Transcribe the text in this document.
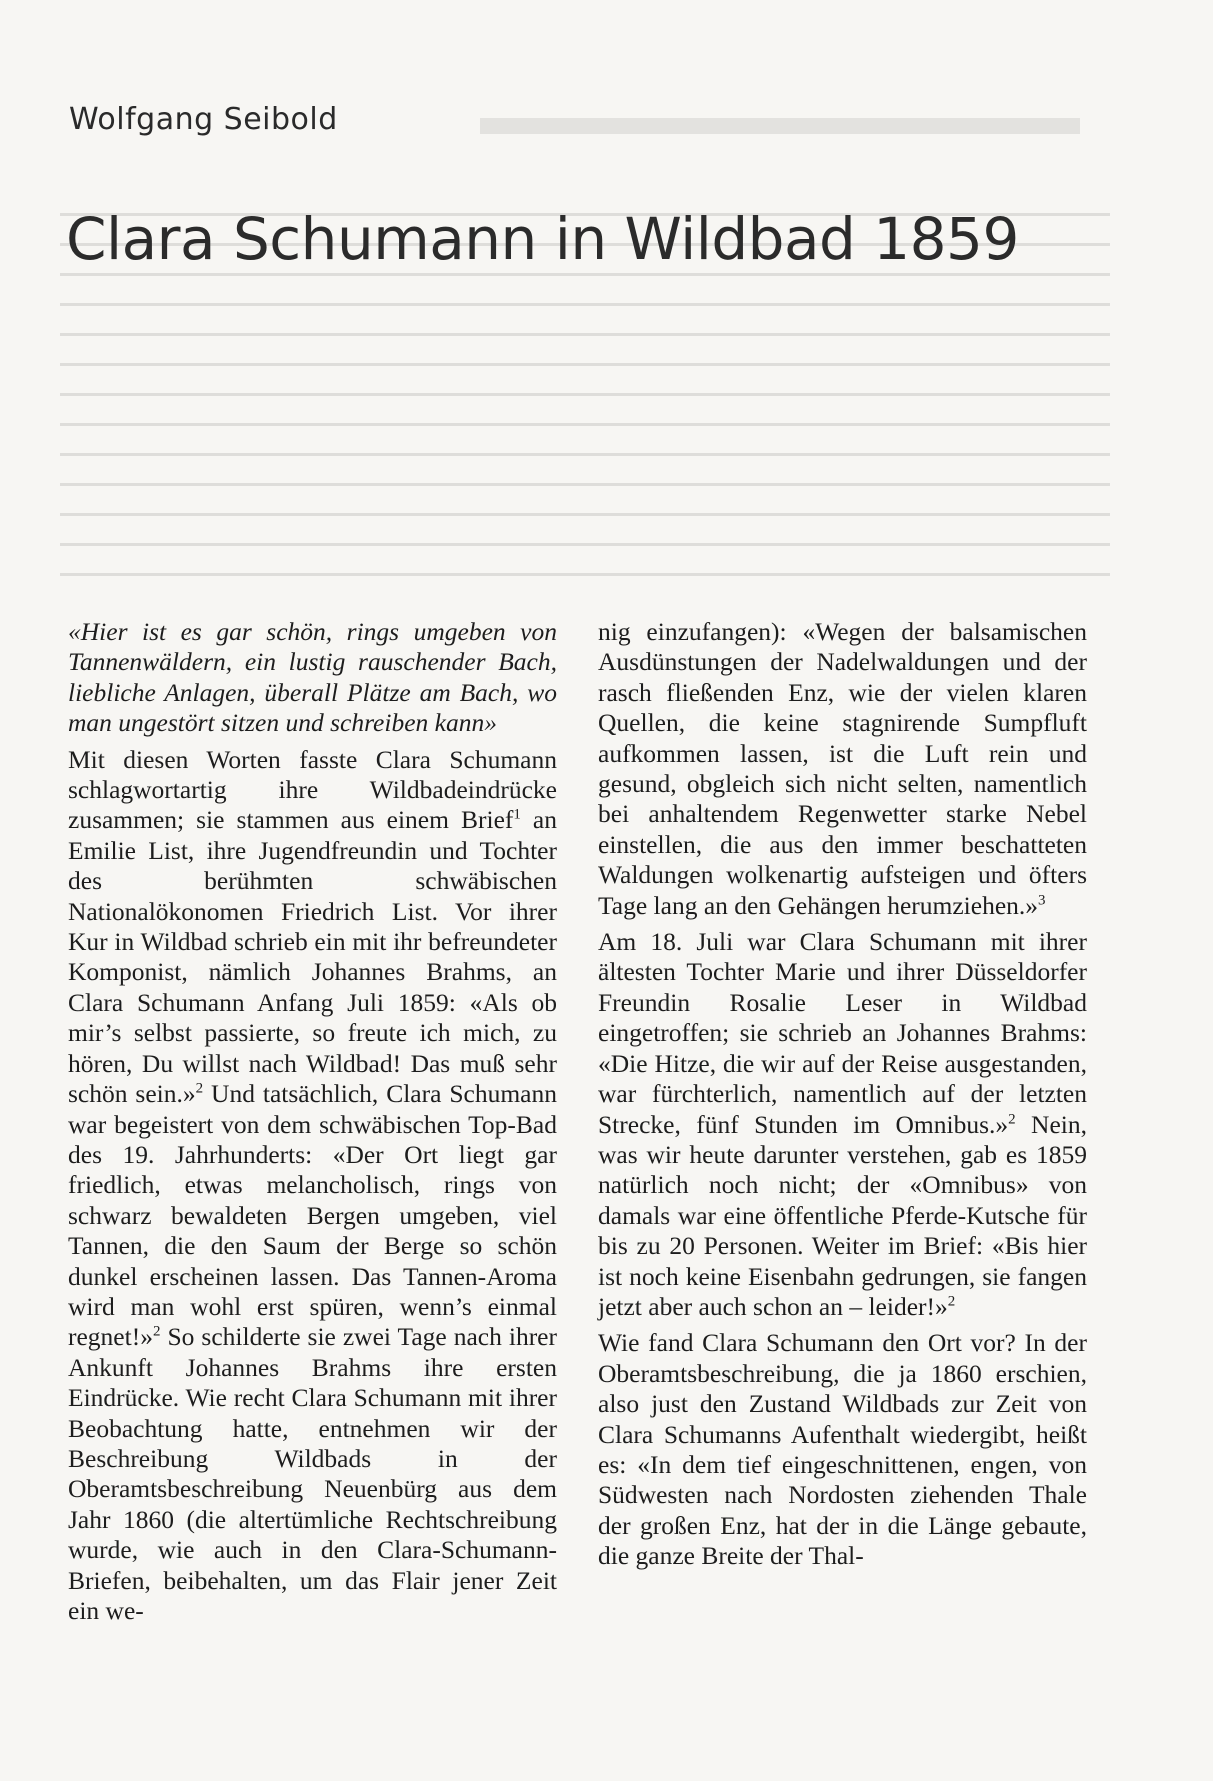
Wolfgang Seibold
Clara Schumann in Wildbad 1859

«Hier ist es gar schön, rings umgeben von Tannenwäldern, ein lustig rauschender Bach, liebliche Anlagen, überall Plätze am Bach, wo man ungestört sitzen und schreiben kann»

Mit diesen Worten fasste Clara Schumann schlagwortartig ihre Wildbadeindrücke zusammen; sie stammen aus einem Brief$^1$ an Emilie List, ihre Jugendfreundin und Tochter des berühmten schwäbischen Nationalökonomen Friedrich List. Vor ihrer Kur in Wildbad schrieb ein mit ihr befreundeter Komponist, nämlich Johannes Brahms, an Clara Schumann Anfang Juli 1859: «Als ob mir’s selbst passierte, so freute ich mich, zu hören, Du willst nach Wildbad! Das muß sehr schön sein.»$^2$ Und tatsächlich, Clara Schumann war begeistert von dem schwäbischen Top-Bad des 19. Jahrhunderts: «Der Ort liegt gar friedlich, etwas melancholisch, rings von schwarz bewaldeten Bergen umgeben, viel Tannen, die den Saum der Berge so schön dunkel erscheinen lassen. Das Tannen-Aroma wird man wohl erst spüren, wenn’s einmal regnet!»$^2$ So schilderte sie zwei Tage nach ihrer Ankunft Johannes Brahms ihre ersten Eindrücke. Wie recht Clara Schumann mit ihrer Beobachtung hatte, entnehmen wir der Beschreibung Wildbads in der Oberamtsbeschreibung Neuenbürg aus dem Jahr 1860 (die altertümliche Rechtschreibung wurde, wie auch in den Clara-Schumann-Briefen, beibehalten, um das Flair jener Zeit ein we-

nig einzufangen): «Wegen der balsamischen Ausdünstungen der Nadelwaldungen und der rasch fließenden Enz, wie der vielen klaren Quellen, die keine stagnirende Sumpfluft aufkommen lassen, ist die Luft rein und gesund, obgleich sich nicht selten, namentlich bei anhaltendem Regenwetter starke Nebel einstellen, die aus den immer beschatteten Waldungen wolkenartig aufsteigen und öfters Tage lang an den Gehängen herumziehen.»$^3$

Am 18. Juli war Clara Schumann mit ihrer ältesten Tochter Marie und ihrer Düsseldorfer Freundin Rosalie Leser in Wildbad eingetroffen; sie schrieb an Johannes Brahms: «Die Hitze, die wir auf der Reise ausgestanden, war fürchterlich, namentlich auf der letzten Strecke, fünf Stunden im Omnibus.»$^2$ Nein, was wir heute darunter verstehen, gab es 1859 natürlich noch nicht; der «Omnibus» von damals war eine öffentliche Pferde-Kutsche für bis zu 20 Personen. Weiter im Brief: «Bis hier ist noch keine Eisenbahn gedrungen, sie fangen jetzt aber auch schon an – leider!»$^2$

Wie fand Clara Schumann den Ort vor? In der Oberamtsbeschreibung, die ja 1860 erschien, also just den Zustand Wildbads zur Zeit von Clara Schumanns Aufenthalt wiedergibt, heißt es: «In dem tief eingeschnittenen, engen, von Südwesten nach Nordosten ziehenden Thale der großen Enz, hat der in die Länge gebaute, die ganze Breite der Thal-
